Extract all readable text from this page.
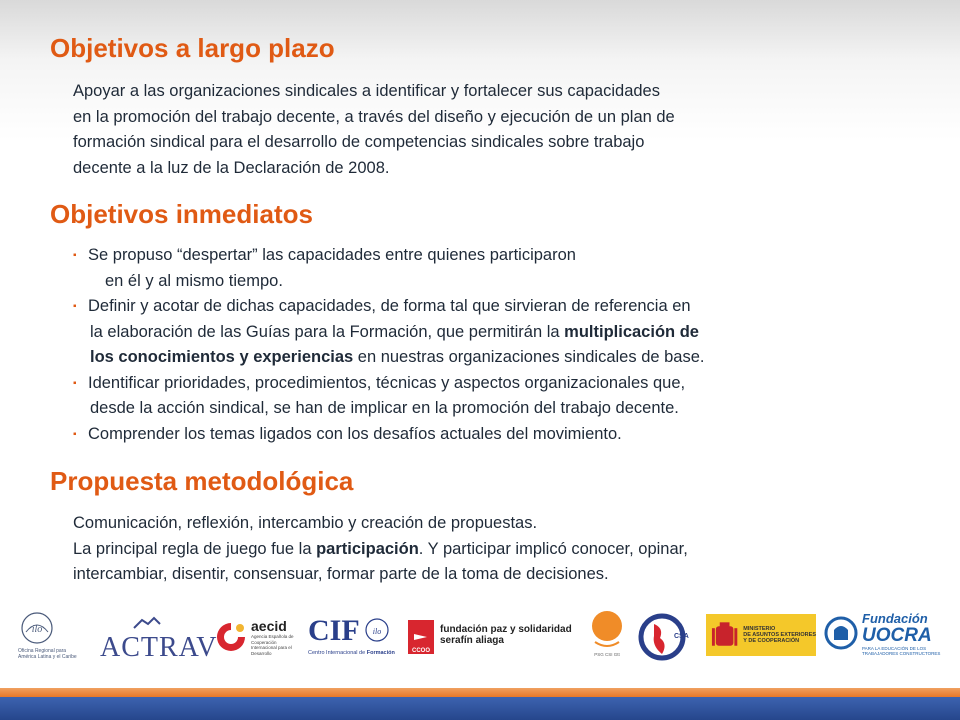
Objetivos a largo plazo
Apoyar a las organizaciones sindicales a identificar y fortalecer sus capacidades
en la promoción del trabajo decente, a través del diseño y ejecución de un plan de
formación sindical para el desarrollo de competencias sindicales sobre trabajo
decente a la luz de la Declaración de 2008.
Objetivos inmediatos
▪ Se propuso “despertar” las capacidades entre quienes participaron
en él y al mismo tiempo.
▪ Definir y acotar de dichas capacidades, de forma tal que sirvieran de referencia en
la elaboración de las Guías para la Formación, que permitirán la multiplicación de
los conocimientos y experiencias en nuestras organizaciones sindicales de base.
▪ Identificar prioridades, procedimientos, técnicas y aspectos organizacionales que,
desde la acción sindical, se han de implicar en la promoción del trabajo decente.
▪ Comprender los temas ligados con los desafíos actuales del movimiento.
Propuesta metodológica
Comunicación, reflexión, intercambio y creación de propuestas.
La principal regla de juego fue la participación. Y participar implicó conocer, opinar,
intercambiar, disentir, consensuar, formar parte de la toma de decisiones.
ilo
Oficina Regional para América Latina y el Caribe ACTRAV
aecid
Agencia Española de Cooperación Internacional para el Desarrollo
CIF ilo
Centro Internacional de Formación	CCOO
fundación paz y solidaridad
serafín aliaga
PSG CSI Gtt
CSA
MINISTERIO
DE ASUNTOS EXTERIORES
Y DE COOPERACIÓN
Fundación
UOCRA
PARA LA EDUCACIÓN DE LOS
TRABAJADORES CONSTRUCTORES
